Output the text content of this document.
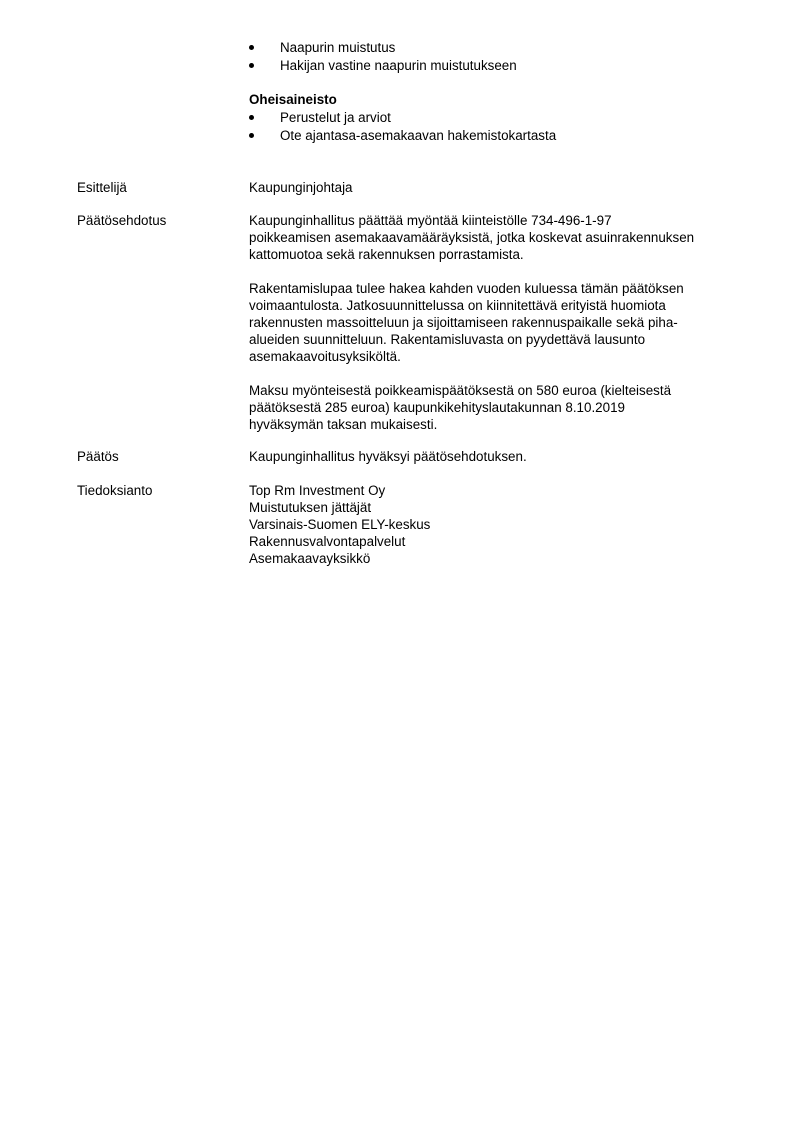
Naapurin muistutus
Hakijan vastine naapurin muistutukseen
Oheisaineisto
Perustelut ja arviot
Ote ajantasa-asemakaavan hakemistokartasta
Esittelijä	Kaupunginjohtaja

Päätösehdotus	Kaupunginhallitus päättää myöntää kiinteistölle 734-496-1-97
poikkeamisen asemakaavamääräyksistä, jotka koskevat asuinrakennuksen
kattomuotoa sekä rakennuksen porrastamista.

Rakentamislupaa tulee hakea kahden vuoden kuluessa tämän päätöksen
voimaantulosta. Jatkosuunnittelussa on kiinnitettävä erityistä huomiota
rakennusten massoitteluun ja sijoittamiseen rakennuspaikalle sekä piha-
alueiden suunnitteluun. Rakentamisluvasta on pyydettävä lausunto
asemakaavoitusyksiköltä.

Maksu myönteisestä poikkeamispäätöksestä on 580 euroa (kielteisestä
päätöksestä 285 euroa) kaupunkikehityslautakunnan 8.10.2019
hyväksymän taksan mukaisesti.

Päätös	Kaupunginhallitus hyväksyi päätösehdotuksen.

Tiedoksianto	Top Rm Investment Oy
Muistutuksen jättäjät
Varsinais-Suomen ELY-keskus
Rakennusvalvontapalvelut
Asemakaavayksikkö
